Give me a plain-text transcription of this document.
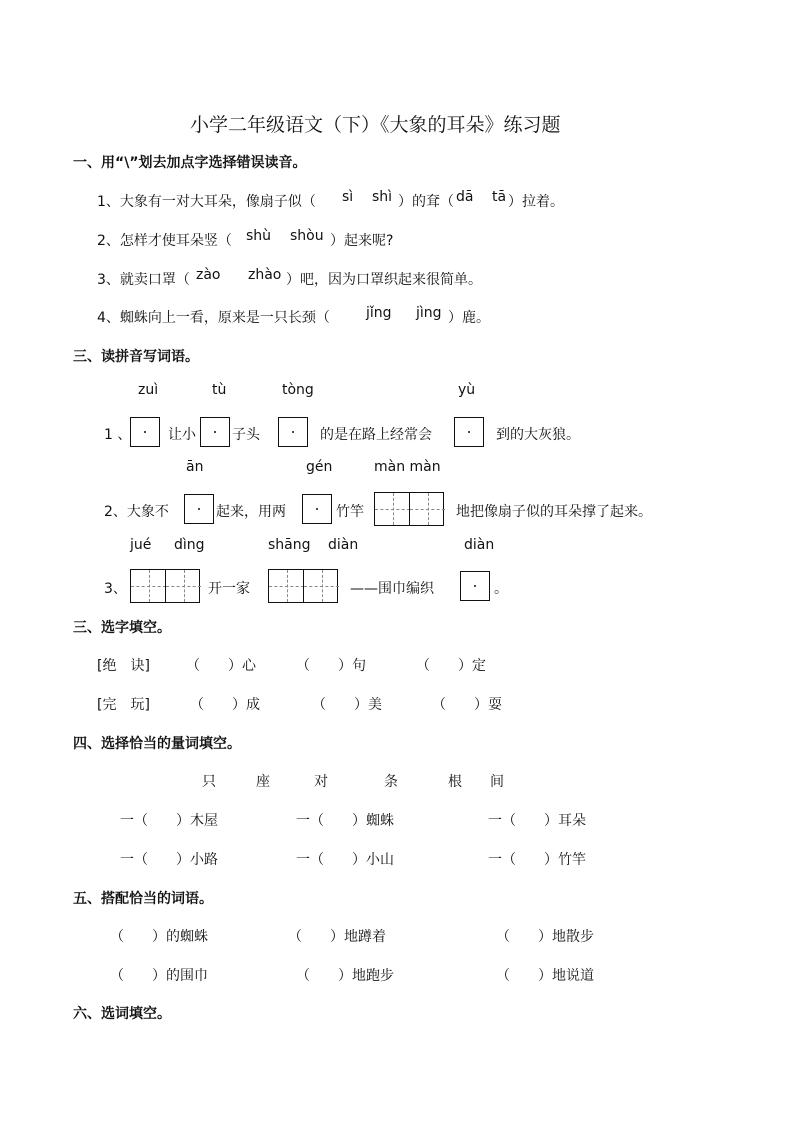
小学二年级语文（下）《大象的耳朵》练习题
一、用“\”划去加点字选择错误读音。
1、大象有一对大耳朵，像扇子似（ sì shì ）的耷（ dā tā ）拉着。
2、怎样才使耳朵竖（ shù shòu ）起来呢?
3、就卖口罩（ zào zhào ）吧，因为口罩织起来很简单。
4、蜘蛛向上一看，原来是一只长颈（	jǐng jìng ）鹿。
三、读拼音写词语。
zuì	tù	tòng	yù
1 、	让小	子头	的是在路上经常会	到的大灰狼。
ān	gén	màn màn
2、大象不	起来，用两	竹竿	地把像扇子似的耳朵撑了起来。
jué dìng	shāng diàn	diàn
3、	开一家	——围巾编织	。
三、选字填空。
[绝　诀]	（　　）心	（　　）句	（　　）定
[完　玩]	（　　）成	（　　）美	（　　）耍
四、选择恰当的量词填空。
只	座	对	条	根 间
一（　　）木屋	一（　　）蜘蛛	一（　　）耳朵
一（　　）小路	一（　　）小山	一（　　）竹竿
五、搭配恰当的词语。
（　　）的蜘蛛	（　　）地蹲着	（　　）地散步
（　　）的围巾	（　　）地跑步	（　　）地说道
六、选词填空。
